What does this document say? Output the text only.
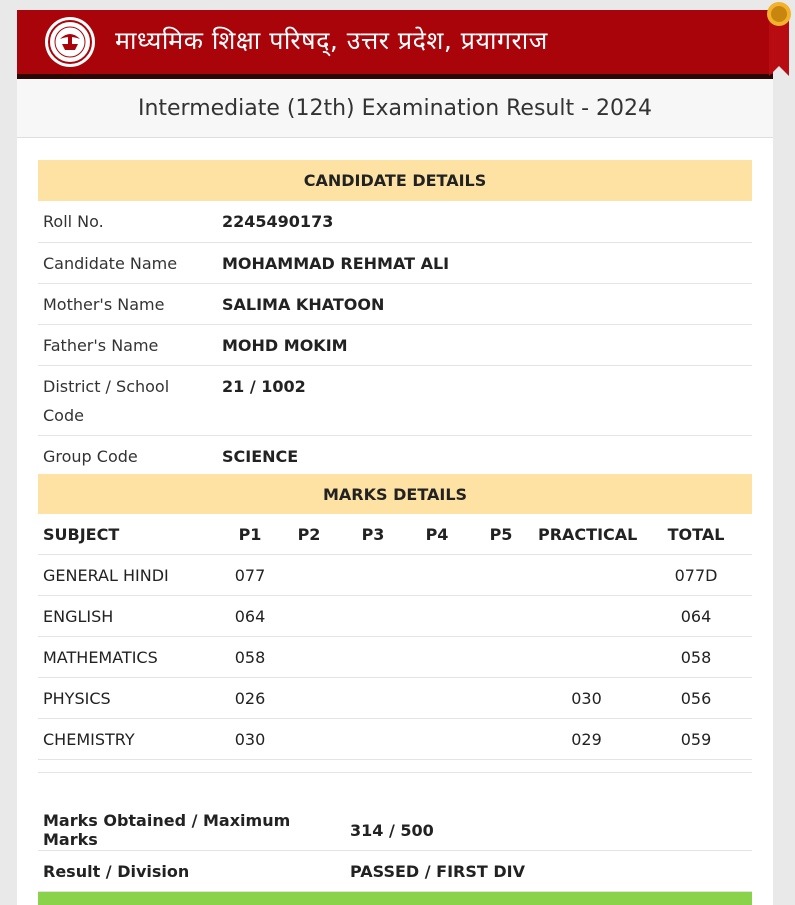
माध्यमिक शिक्षा परिषद्, उत्तर प्रदेश, प्रयागराज
Intermediate (12th) Examination Result - 2024
CANDIDATE DETAILS	
Roll No.	2245490173
Candidate Name	MOHAMMAD REHMAT ALI
Mother's Name	SALIMA KHATOON
Father's Name	MOHD MOKIM
District / School Code	21 / 1002
Group Code	SCIENCE
MARKS DETAILS							
SUBJECT	P1	P2	P3	P4	P5	PRACTICAL	TOTAL
GENERAL HINDI	077						077D
ENGLISH	064						064
MATHEMATICS	058						058
PHYSICS	026					030	056
CHEMISTRY	030					029	059

Marks Obtained / Maximum Marks	314 / 500
Result / Division	PASSED / FIRST DIV
